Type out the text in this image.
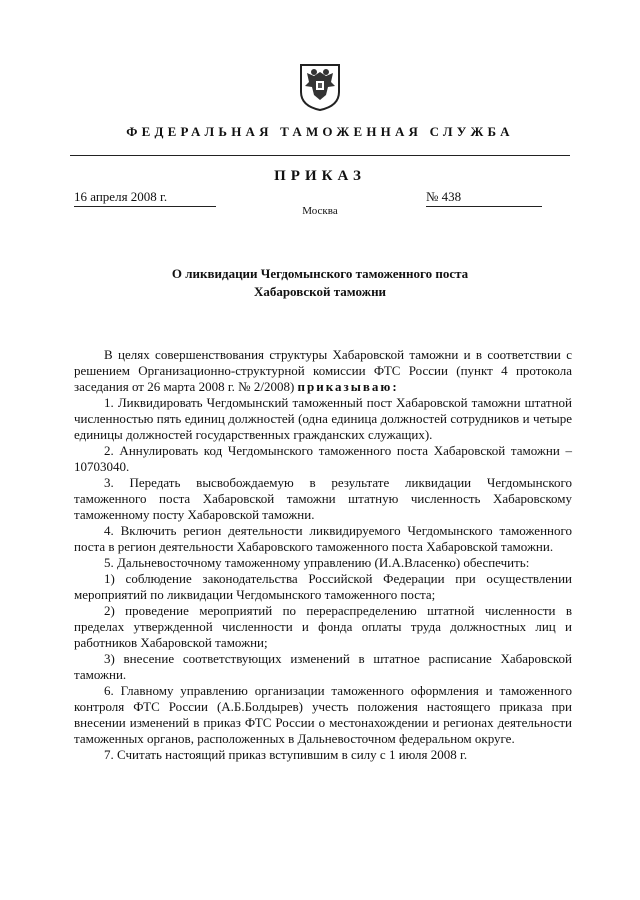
ФЕДЕРАЛЬНАЯ ТАМОЖЕННАЯ СЛУЖБА
ПРИКАЗ
16 апреля 2008 г.	№ 438
Москва
О ликвидации Чегдомынского таможенного поста
Хабаровской таможни

В целях совершенствования структуры Хабаровской таможни и в соответствии с решением Организационно-структурной комиссии ФТС России (пункт 4 протокола заседания от 26 марта 2008 г. № 2/2008) приказываю:

1. Ликвидировать Чегдомынский таможенный пост Хабаровской таможни штатной численностью пять единиц должностей (одна единица должностей сотрудников и четыре единицы должностей государственных гражданских служащих).

2. Аннулировать код Чегдомынского таможенного поста Хабаровской таможни – 10703040.

3. Передать высвобождаемую в результате ликвидации Чегдомынского таможенного поста Хабаровской таможни штатную численность Хабаровскому таможенному посту Хабаровской таможни.

4. Включить регион деятельности ликвидируемого Чегдомынского таможенного поста в регион деятельности Хабаровского таможенного поста Хабаровской таможни.

5. Дальневосточному таможенному управлению (И.А.Власенко) обеспечить:

1) соблюдение законодательства Российской Федерации при осуществлении мероприятий по ликвидации Чегдомынского таможенного поста;

2) проведение мероприятий по перераспределению штатной численности в пределах утвержденной численности и фонда оплаты труда должностных лиц и работников Хабаровской таможни;

3) внесение соответствующих изменений в штатное расписание Хабаровской таможни.

6. Главному управлению организации таможенного оформления и таможенного контроля ФТС России (А.Б.Болдырев) учесть положения настоящего приказа при внесении изменений в приказ ФТС России о местонахождении и регионах деятельности таможенных органов, расположенных в Дальневосточном федеральном округе.

7. Считать настоящий приказ вступившим в силу с 1 июля 2008 г.
